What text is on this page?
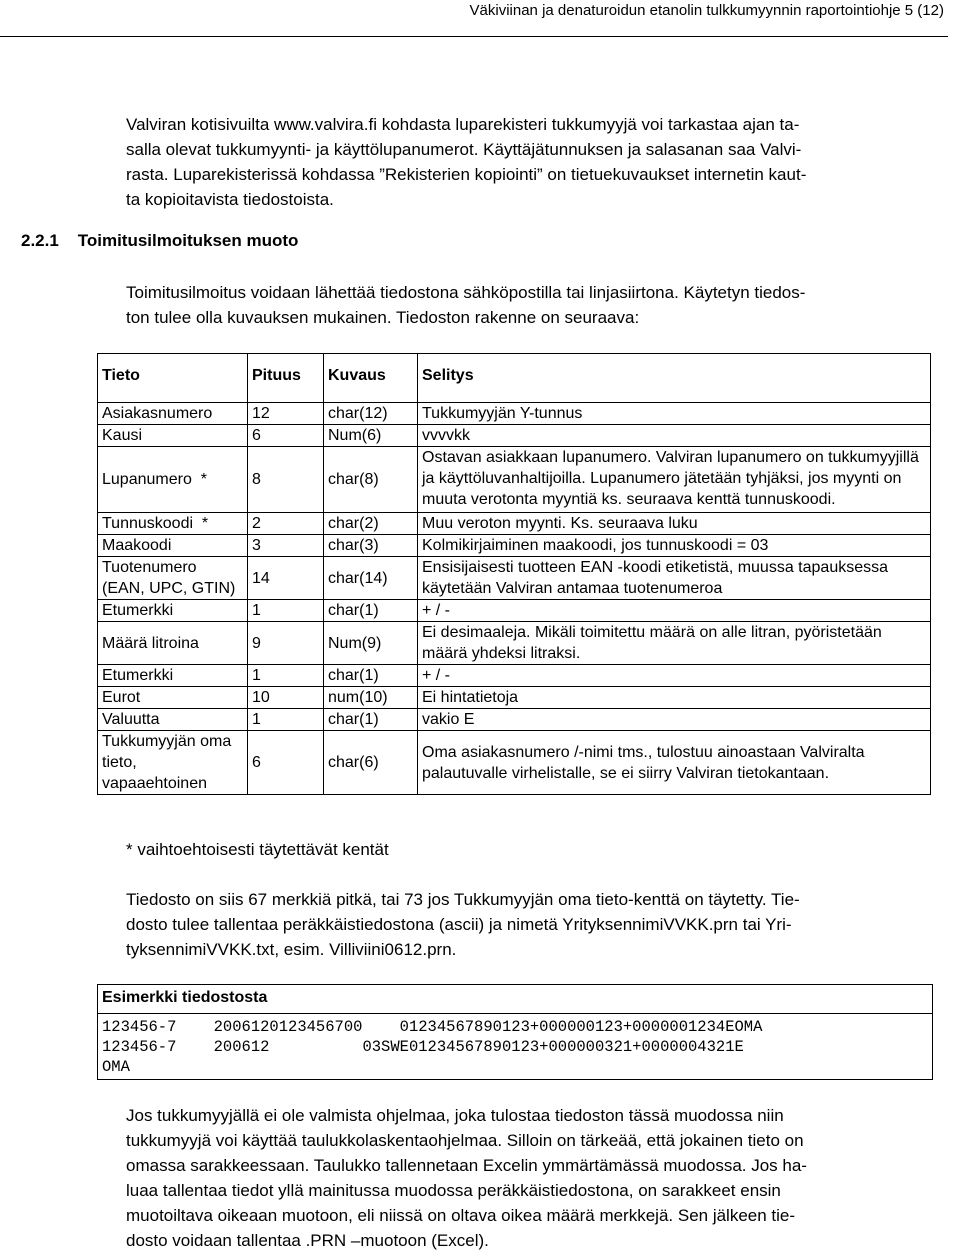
Väkiviinan ja denaturoidun etanolin tulkkumyynnin raportointiohje 5 (12)
Valviran kotisivuilta www.valvira.fi kohdasta luparekisteri tukkumyyjä voi tarkastaa ajan ta-
salla olevat tukkumyynti- ja käyttölupanumerot. Käyttäjätunnuksen ja salasanan saa Valvi-
rasta. Luparekisterissä kohdassa ”Rekisterien kopiointi” on tietuekuvaukset internetin kaut-
ta kopioitavista tiedostoista.
2.2.1 Toimitusilmoituksen muoto
Toimitusilmoitus voidaan lähettää tiedostona sähköpostilla tai linjasiirtona. Käytetyn tiedos-
ton tulee olla kuvauksen mukainen. Tiedoston rakenne on seuraava:
Tieto	Pituus	Kuvaus	Selitys

Asiakasnumero	12	char(12)	Tukkumyyjän Y-tunnus
Kausi	6	Num(6)	vvvvkk
Lupanumero  *	8	char(8)	Ostavan asiakkaan lupanumero. Valviran lupanumero on tukkumyyjillä ja käyttöluvanhaltijoilla. Lupanumero jätetään tyhjäksi, jos myynti on muuta verotonta myyntiä ks. seuraava kenttä tunnuskoodi.
Tunnuskoodi  *	2	char(2)	Muu veroton myynti. Ks. seuraava luku
Maakoodi	3	char(3)	Kolmikirjaiminen maakoodi, jos tunnuskoodi = 03

Tuotenumero (EAN, UPC, GTIN)	14	char(14)	Ensisijaisesti tuotteen EAN -koodi etiketistä, muussa tapauksessa käytetään Valviran antamaa tuotenumeroa
Etumerkki	1	char(1)	+ / -
Määrä litroina	9	Num(9)	Ei desimaaleja. Mikäli toimitettu määrä on alle litran, pyöristetään määrä yhdeksi litraksi.
Etumerkki	1	char(1)	+ / -
Eurot	10	num(10)	Ei hintatietoja
Valuutta	1	char(1)	vakio E
Tukkumyyjän oma tieto, vapaaehtoinen	6	char(6)	Oma asiakasnumero /-nimi tms., tulostuu ainoastaan Valviralta palautuvalle virhelistalle, se ei siirry Valviran tietokantaan.
* vaihtoehtoisesti täytettävät kentät
Tiedosto on siis 67 merkkiä pitkä, tai 73 jos Tukkumyyjän oma tieto-kenttä on täytetty. Tie-
dosto tulee tallentaa peräkkäistiedostona (ascii) ja nimetä YrityksennimiVVKK.prn tai Yri-
tyksennimiVVKK.txt, esim. Villiviini0612.prn.
Esimerkki tiedostosta
123456-7    2006120123456700    01234567890123+000000123+0000001234EOMA
123456-7    200612          03SWE01234567890123+000000321+0000004321E
OMA
Jos tukkumyyjällä ei ole valmista ohjelmaa, joka tulostaa tiedoston tässä muodossa niin
tukkumyyjä voi käyttää taulukkolaskentaohjelmaa. Silloin on tärkeää, että jokainen tieto on
omassa sarakkeessaan. Taulukko tallennetaan Excelin ymmärtämässä muodossa. Jos ha-
luaa tallentaa tiedot yllä mainitussa muodossa peräkkäistiedostona, on sarakkeet ensin
muotoiltava oikeaan muotoon, eli niissä on oltava oikea määrä merkkejä. Sen jälkeen tie-
dosto voidaan tallentaa .PRN –muotoon (Excel).
